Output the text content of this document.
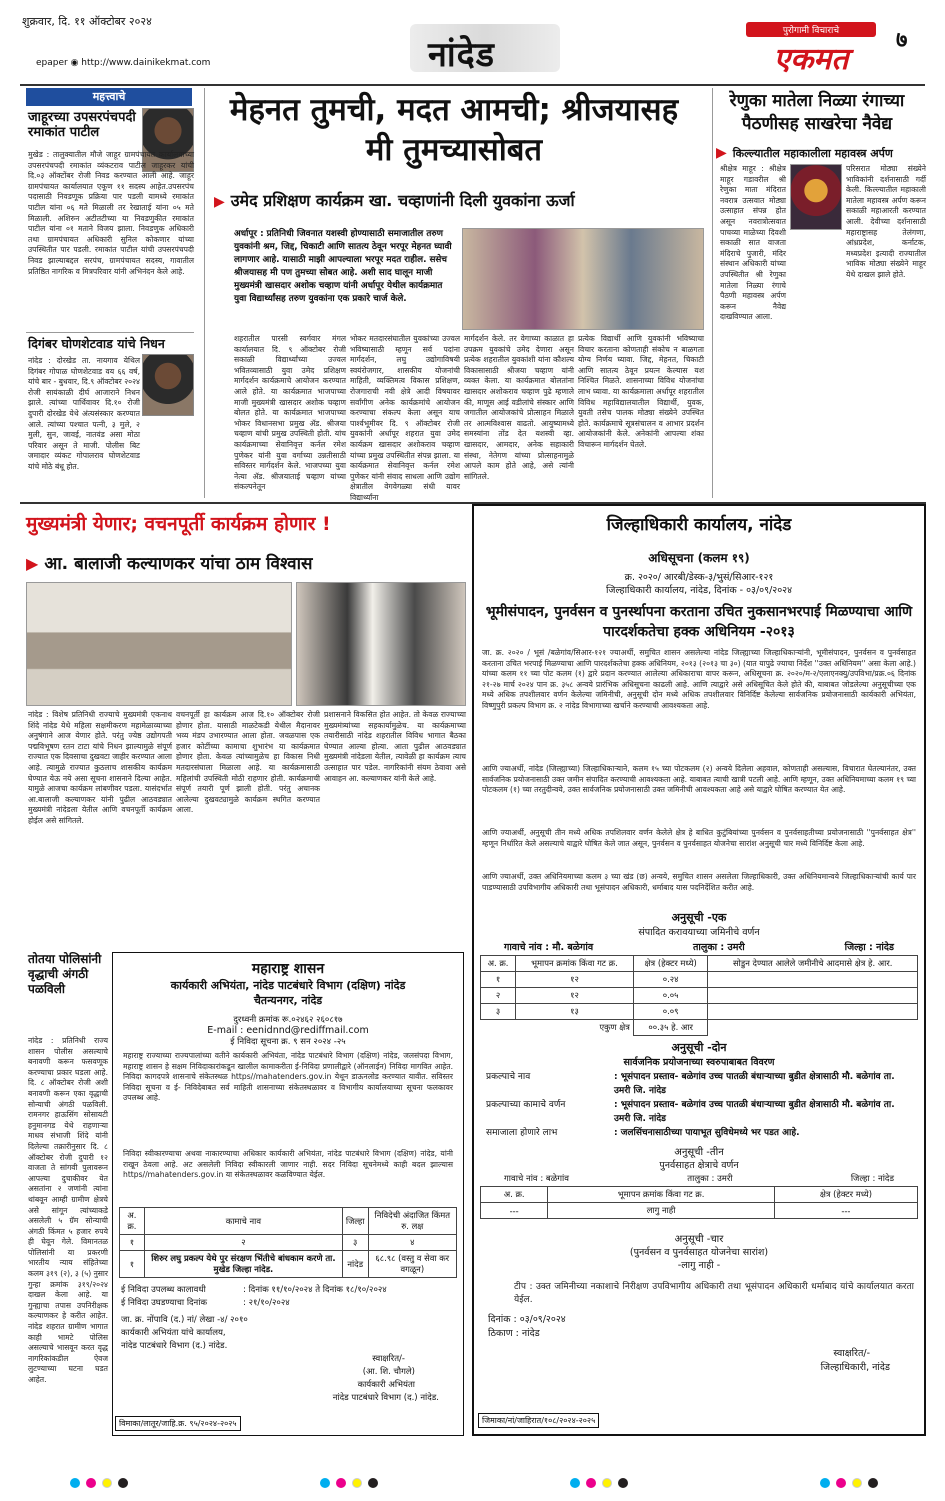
शुक्रवार, दि. ११ ऑक्टोबर २०२४
epaper ◉ http://www.dainikekmat.com	नांदेड
पुरोगामी विचाराचे
एकमत
७
महत्त्वाचे
जाहूरच्या उपसरपंचपदी रमाकांत पाटील
मुखेड : तालुक्यातील मौजे जाहूर ग्रामपंचायत कार्यालयाच्या उपसरपंचपदी रमाकांत व्यंकटराव पाटील जाहूरकर यांची दि.०३ ऑक्टोंबर रोजी निवड करण्यात आली आहे. जाहूर ग्रामपंचायत कार्यालयात एकूण ११ सदस्य आहेत.उपसरपंच पदासाठी निवडणूक प्रक्रिया पार पडली यामध्ये रमाकांत पाटील यांना ०६ मते मिळाली तर रेखाताई यांना ०५ मते मिळाली. अशिरुन अटीतटीच्या या निवडणुकीत रमाकांत पाटील यांना ०१ मताने विजय झाला. निवडणुक अधिकारी तथा ग्रामपंचायत अधिकारी सुनिल कोकणार यांच्या उपस्थितीत पार पडली. रमाकांत पाटील यांची उपसरपंचपदी निवड झाल्याबद्दल सरपंच, ग्रामपंचायत सदस्य, गावातील प्रतिष्ठित नागरिक व मित्रपरिवार यांनी अभिनंदन केले आहे.
दिगंबर घोणशेटवाड यांचे निधन
नांदेड : दोरखेड ता. नायगाव येथिल दिगंबर गोपाळ घोणशेटवाड वय ६६ वर्ष, यांचे बार - बुधवार, दि.९ ऑक्टोबर २०२४ रोजी सायंकाळी दीर्घ आजाराने निधन झाले. त्यांच्या पार्थिवावर दि.१० रोजी दुपारी दोरखेड येथे अंत्यसंस्कार करण्यात आले. त्यांच्या पश्चात पत्नी, ३ मुले, २ मुली, सुन, जावई, नातवंड असा मोठा परिवार असून ते माजी. पोलीस बिट जमादार व्यंकट गोपालराव घोणशेटवाड यांचे मोठे बंधू होत.
मेहनत तुमची, मदत आमची; श्रीजयासह मी तुमच्यासोबत
▶ उमेद प्रशिक्षण कार्यक्रम खा. चव्हाणांनी दिली युवकांना ऊर्जा
अर्धापूर : प्रतिनिधी जिवनात यशस्वी होण्यासाठी समाजातील तरुण युवकांनी श्रम, जिद्द, चिकाटी आणि सातत्य ठेवून भरपूर मेहनत घ्यावी लागणार आहे. यासाठी माझी आपल्याला भरपूर मदत राहील. ससेच श्रीजयासह मी पण तुमच्या सोबत आहे. अशी साद घालून माजी मुख्यमंत्री खासदार अशोक चव्हाण यांनी अर्धापूर येथील कार्यक्रमात युवा विद्यार्थ्यांसह तरुण युवकांना एक प्रकारे चार्ज केले.
शहरातील पारसी स्वर्गवार मंगल कार्यालयात दि. ९ ऑक्टोबर रोजी सकाळी विद्यार्थ्यांच्या उज्वल भवितव्यासाठी युवा उमेद प्रशिक्षण मार्गदर्शन कार्यक्रमाचे आयोजन करण्यात आले होते. या कार्यक्रमात भाजपाच्या माजी मुख्यमंत्री खासदार अशोक चव्हाण बोलत होते. या कार्यक्रमात भाजपाच्या भोकर विधानसभा प्रमुख ॲड. श्रीजया चव्हाण यांची प्रमुख उपस्थिती होती. यांच कार्यक्रमाच्या सेवानिवृत्त कर्नल रमेश पुणेकर यांनी युवा वर्गाच्या उन्नतीसाठी सविस्तर मार्गदर्शन केले. भाजपच्या युवा नेत्या ॲड. श्रीजयाताई चव्हाण यांच्या संकल्पनेतून
भोकर मतदारसंघातील युवकांच्या उज्वल भविष्यासाठी म्हणून सर्व पदांना मार्गदर्शन, लघु उद्योगाविषयी स्वयंरोजगार, शासकीय योजनांची माहिती, व्यक्तिमत्व विकास प्रशिक्षण, रोजगाराची नवी क्षेत्रे आदी विषयावर सर्वांगीण अनेक कार्यक्रमांचे आयोजन करण्याचा संकल्प केला असून याच पार्श्वभूमीवर दि. ९ ऑक्टोबर रोजी युवकांनी अर्धापूर शहरात युवा उमेद कार्यक्रम खासदार अशोकराव चव्हाण यांच्या प्रमुख उपस्थितीत संपन्न झाला. या कार्यक्रमात सेवानिवृत्त कर्नल रमेश पुणेकर यांनी संवाद साधला आणि उद्योग क्षेत्रातील वेगवेगळ्या संधी यावर विद्यार्थ्यांना
मार्गदर्शन केले. तर वेगाच्या काळात हा उपक्रम युवकांचे उमेद देणारा असून प्रत्येक शहरातील युवकांशी यांना कौशल्य विकासासाठी श्रीजया चव्हाण यांनी व्यक्त केला. या कार्यक्रमात बोलतांना खासदार अशोकराव चव्हाण पुढे म्हणाले की, माणूस आई वडीलांचे संस्कार आणि जगातील आयोजकांचे प्रोत्साहन मिळाले तर आत्मविश्वास वाढतो. आयुष्यामध्ये समस्यांना तोंड देत यशस्वी व्हा. खासदार, आमदार, अनेक सहाकारी संस्था, नेतेगण यांच्या प्रोत्साहनामुळे आपले काम होते आहे, असे त्यांनी सांगितले.
प्रत्येक विद्यार्थी आणि युवकांनी भविष्याचा विचार करताना कोणताही संकोच न बाळगता योग्य निर्णय घ्यावा. जिद्द, मेहनत, चिकाटी आणि सातत्य ठेवून प्रयत्न केल्यास यश निश्चित मिळते. शासनाच्या विविध योजनांचा लाभ घ्यावा. या कार्यक्रमाला अर्धापूर शहरातील विविध महाविद्यालयातील विद्यार्थी, युवक, युवती तसेच पालक मोठ्या संख्येने उपस्थित होते. कार्यक्रमाचे सूत्रसंचालन व आभार प्रदर्शन आयोजकांनी केले. अनेकांनी आपल्या शंका विचारून मार्गदर्शन घेतले.
रेणुका मातेला निळ्या रंगाच्या पैठणीसह साखरेचा नैवेद्य
▶ किल्ल्यातील महाकालीला महावस्त्र अर्पण
श्रीक्षेत्र माहूर : श्रीक्षेत्र माहूर गडावरील श्री रेणुका माता मंदिरात नवरात्र उत्सवात मोठ्या उत्साहात संपन्न होत असून नवरात्रोत्सवात पाचव्या माळेच्या दिवशी सकाळी सात वाजता मंदिराचे पुजारी, मंदिर संस्थान अधिकारी यांच्या उपस्थितीत श्री रेणुका मातेला निळ्या रंगाचे पैठणी महावस्त्र अर्पण करून नैवेद्य दाखविण्यात आला.
परिसरात मोठ्या संख्येने भाविकांनी दर्शनासाठी गर्दी केली. किल्ल्यातील महाकाली मातेला महावस्त्र अर्पण करून सकाळी महाआरती करण्यात आली. देवीच्या दर्शनासाठी महाराष्ट्रासह तेलंगणा, आंध्रप्रदेश, कर्नाटक, मध्यप्रदेश इत्यादी राज्यातील भाविक मोठ्या संख्येने माहूर येथे दाखल झाले होते.
मुख्यमंत्री येणार; वचनपूर्ती कार्यक्रम होणार !
▶ आ. बालाजी कल्याणकर यांचा ठाम विश्वास
नांदेड : विशेष प्रतिनिधी राज्याचे मुख्यमंत्री एकनाथ शिंदे नांदेड येथे महिला सक्षमीकरण महामेळाव्याच्या अनुषंगाने आज येणार होते. परंतु ज्येष्ठ उद्योगपती पद्मविभूषण रतन टाटा यांचे निधन झाल्यामुळे संपूर्ण राज्यात एक दिवसाचा दुखवटा जाहीर करण्यात आला आहे. त्यामुळे राज्यात कुठलाच शासकीय कार्यक्रम घेण्यात येऊ नये असा सूचना शासनाने दिल्या आहेत. यामुळे आजचा कार्यक्रम लांबणीवर पडला. यासंदर्भात आ.बालाजी कल्याणकर यांनी पुढील आठवड्यात मुख्यमंत्री नांदेडला येतील आणि वचनपूर्ती कार्यक्रम होईल असे सांगितले.
वचनपूर्ती हा कार्यक्रम आज दि.१० ऑक्टोबर रोजी होणार होता. यासाठी माळटेकडी येथील मैदानावर भव्य मंडप उभारण्यात आला होता. जवळपास एक हजार कोटींच्या कामाचा शुभारंभ या कार्यक्रमात होणार होता. केवळ त्यांच्यामुळेच हा विकास निधी मतदारसंघाला मिळाला आहे. या कार्यक्रमासाठी महिलांची उपस्थिती मोठी राहणार होती. कार्यक्रमाची संपूर्ण तयारी पूर्ण झाली होती. परंतु अचानक आलेल्या दुखवट्यामुळे कार्यक्रम स्थगित करण्यात आला.
प्रशासनाने विकसित होत आहेत. तो केवळ राज्याच्या मुख्यमंत्र्यांच्या सहकार्यामुळेच. या कार्यक्रमाच्या तयारीसाठी नांदेड शहरातील विविध भागात बैठका घेण्यात आल्या होत्या. आता पुढील आठवड्यात मुख्यमंत्री नांदेडला येतील, त्यावेळी हा कार्यक्रम त्याच उत्साहात पार पडेल. नागरिकांनी संयम ठेवावा असे आवाहन आ. कल्याणकर यांनी केले आहे.
तोतया पोलिसांनी वृद्धाची अंगठी पळविली
नांदेड : प्रतिनिधी राज्य शासन पोलीस असल्याचे बनावणी करून फसवणूक करण्याचा प्रकार घडला आहे. दि. ८ ऑक्टोबर रोजी अशी बनावणी करून एका वृद्धाची सोन्याची अंगठी पळविली. रामनगर हाऊसिंग सोसायटी हनुमानगड येथे राहणाऱ्या माधव संभाजी शिंदे यांनी दिलेल्या तक्रारीनुसार दि. ८ ऑक्टोबर रोजी दुपारी १२ वाजता ते सांगवी पुलावरून आपल्या दुचाकीवर येत असतांना २ जणांनी त्यांना थांबवून आम्ही ग्रामीण क्षेत्रचे असे सांगून त्यांच्याकडे असलेली ५ ग्रॅम सोन्याची अंगठी किंमत ५ हजार रुपये ही घेवून गेले. विमानतळ पोलिसांनी या प्रकरणी भारतीय न्याय संहितेच्या कलम ३१९ (२), ३ (५) नुसार गुन्हा क्रमांक ३१९/२०२४ दाखल केला आहे. या गुन्ह्याचा तपास उपनिरीक्षक कल्याणकर हे करीत आहेत. नांदेड शहरात ग्रामीण भागात काही भामटे पोलिस असल्याचे भासवून करत वृद्ध नागरिकांकडील ऐवज लुटण्याच्या घटना घडत आहेत.
महाराष्ट्र शासन
कार्यकारी अभियंता, नांदेड पाटबंधारे विभाग (दक्षिण) नांदेड
चैतन्यनगर, नांदेड
दुरध्वनी क्रमांक रू.०२४६२ २६०८१७
E-mail : eenidnnd@rediffmail.com
ई निविदा सूचना क्र. ९ सन २०२४ -२५
महाराष्ट्र राज्याच्या राज्यपालांच्या वतीने कार्यकारी अभियंता, नांदेड पाटबंधारे विभाग (दक्षिण) नांदेड, जलसंपदा विभाग, महाराष्ट्र शासन हे सक्षम निविदाकारांकडून खालील कामाकरीता ई-निविदा प्रणालीद्वारे (ऑनलाईन) निविदा मागवित आहेत. निविदा कागदपत्रे शासनाचे संकेतस्थळ https//mahatenders.gov.in येथून डाऊनलोड करण्यात यावीत. सविस्तर निविदा सूचना व ई- निविदेबाबत सर्व माहिती शासनाच्या संकेतस्थळावर व विभागीय कार्यालयाच्या सूचना फलकावर उपलब्ध आहे.
निविदा स्वीकारण्याचा अथवा नाकारण्याचा अधिकार कार्यकारी अभियंता, नांदेड पाटबंधारे विभाग (दक्षिण) नांदेड, यांनी राखून ठेवला आहे. अट असलेली निविदा स्वीकारली जाणार नाही. सदर निविदा सूचनेमध्ये काही बदल झाल्यास https//mahatenders.gov.in या संकेतस्थळावर कळविण्यात येईल.
अ. क्र.	कामाचे नाव	जिल्हा	निविदेची अंदाजित किंमत रु. लक्ष
१	२	३	४
१	शिरुर लघु प्रकल्प येथे पुर संरक्षण भिंतीचे बांधकाम करणे ता. मुखेड जिल्हा नांदेड.	नांदेड	६८.९८ (वस्तु व सेवा कर वगळून)
ई निविदा उपलब्ध कालावधी	: दिनांक ११/१०/२०२४ ते दिनांक १८/१०/२०२४
ई निविदा उघडण्याचा दिनांक	: २१/१०/२०२४
जा. क्र. नोंपावि (द.) नां/ लेखा -४/ २०१०
कार्यकारी अभियंता यांचे कार्यालय,
नांदेड पाटबंधारे विभाग (द.) नांदेड.
स्वाक्षरित/-
(आ. शि. चौगले)
कार्यकारी अभियंता
नांदेड पाटबंधारे विभाग (द.) नांदेड.
विमाका/लातूर/जाहि.क्र. ९५/२०२४-२०२५
जिल्हाधिकारी कार्यालय, नांदेड
अधिसूचना (कलम १९)
क्र. २०२०/ आरबी/डेस्क-३/भुसं/सिआर-१२१
जिल्हाधिकारी कार्यालय, नांदेड, दिनांक - ०३/०९/२०२४
भूमीसंपादन, पुनर्वसन व पुनर्स्थापना करताना उचित नुकसानभरपाई मिळण्याचा आणि पारदर्शकतेचा हक्क अधिनियम -२०१३
जा. क्र. २०२० / भूसं /बळेगांव/सिआर-१२१ ज्याअर्थी, समुचित शासन असलेल्या नांदेड जिल्ह्याच्या जिल्हाधिकाऱ्यांनी, भूमीसंपादन, पुनर्वसन व पुनर्वसाहत करताना उचित भरपाई मिळण्याचा आणि पारदर्शकतेचा हक्क अधिनियम, २०१३ (२०१३ चा ३०) (यात यापुढे ज्याचा निर्देश ''उक्त अधिनियम'' असा केला आहे.) यांच्या कलम ११ च्या पोट कलम (१) द्वारे प्रदान करण्यात आलेल्या अधिकाराचा वापर करून, अधिसूचना क्र. २०२०/म-२/एलाएनक्यु/उपविभा/प्रक्र.०६ दिनांक २१-२७ मार्च २०२४ पान क्र. ३५८ अन्वये प्रारंभिक अधिसूचना काढली आहे. आणि त्याद्वारे असे अधिसूचित केले होते की, याबाबत जोडलेल्या अनुसूचीच्या एक मध्ये अधिक तपशीलवार वर्णन केलेल्या जमिनीची, अनुसूची दोन मध्ये अधिक तपशीलवार विनिर्दिष्ट केलेल्या सार्वजनिक प्रयोजनासाठी कार्यकारी अभियंता, विष्णुपुरी प्रकल्प विभाग क्र. २ नांदेड विभागाच्या खर्चाने करण्याची आवश्यकता आहे.
आणि ज्याअर्थी, नांदेड (जिल्ह्याच्या) जिल्हाधिकाऱ्याने, कलम १५ च्या पोटकलम (२) अन्वये दिलेला अहवाल, कोणताही असल्यास, विचारात घेतल्यानंतर, उक्त सार्वजनिक प्रयोजनासाठी उक्त जमीन संपादित करण्याची आवश्यकता आहे. याबाबत त्याची खात्री पटली आहे. आणि म्हणून, उक्त अधिनियमाच्या कलम १९ च्या पोटकलम (१) च्या तरतुदीन्वये, उक्त सार्वजनिक प्रयोजनासाठी उक्त जमिनीची आवश्यकता आहे असे याद्वारे घोषित करण्यात येत आहे.
आणि ज्याअर्थी, अनुसूची तीन मध्ये अधिक तपशिलवार वर्णन केलेले क्षेत्र हे बाधित कुटुंबियांच्या पुनर्वसन व पुनर्वसाहतीच्या प्रयोजनासाठी ''पुनर्वसाहत क्षेत्र'' म्हणून निर्धारित केले असल्याचे याद्वारे घोषित केले जात असून, पुनर्वसन व पुनर्वसाहत योजनेचा सारांश अनुसूची चार मध्ये विनिर्दिष्ट केला आहे.
आणि ज्याअर्थी, उक्त अधिनियमाच्या कलम ३ च्या खंड (छ) अन्वये, समुचित शासन असलेला जिल्हाधिकारी, उक्त अधिनियमान्वये जिल्हाधिकाऱ्यांची कार्य पार पाडण्यासाठी उपविभागीय अधिकारी तथा भूसंपादन अधिकारी, धर्माबाद यास पदनिर्देशित करीत आहे.
अनुसूची -एक
संपादित करावयाच्या जमिनीचे वर्णन
गावाचे नांव : मौ. बळेगांव	तालुका : उमरी	जिल्हा : नांदेड
अ. क्र.	भूमापन क्रमांक किंवा गट क्र.	क्षेत्र (हेक्टर मध्ये)	सोडुन देण्यात आलेले जमीनीचे आदमासे क्षेत्र हे. आर.
१	१२	०.२४	
२	१२	०.०५	
३	१३	०.०९	
	एकुण क्षेत्र	००.३५ हे. आर	
अनुसूची -दोन
सार्वजनिक प्रयोजनाच्या स्वरुपाबाबत विवरण
प्रकल्पाचे नाव	: भूसंपादन प्रस्ताव- बळेगांव उच्च पातळी बंधाऱ्याच्या बुडीत क्षेत्रासाठी मौ. बळेगांव ता. उमरी जि. नांदेड
प्रकल्पाच्या कामाचे वर्णन	: भूसंपादन प्रस्ताव- बळेगांव उच्च पातळी बंधाऱ्याच्या बुडीत क्षेत्रासाठी मौ. बळेगांव ता. उमरी जि. नांदेड
समाजाला होणारे लाभ	: जलसिंचनासाठीच्या पायाभूत सुविधेमध्ये भर पडत आहे.
अनुसूची -तीन
पुनर्वसाहत क्षेत्राचे वर्णन
गावाचे नांव : बळेगांव	तालुका : उमरी	जिल्हा : नांदेड
अ. क्र.	भूमापन क्रमांक किंवा गट क्र.	क्षेत्र (हेक्टर मध्ये)
---	लागु नाही	---
अनुसूची -चार
(पुनर्वसन व पुनर्वसाहत योजनेचा सारांश)
-लागु नाही -
टीप : उक्त जमिनीच्या नकाशाचे निरीक्षण उपविभागीय अधिकारी तथा भूसंपादन अधिकारी धर्माबाद यांचे कार्यालयात करता येईल.
दिनांक : ०३/०९/२०२४
ठिकाण : नांदेड
स्वाक्षरित/-
जिल्हाधिकारी, नांदेड
जिमाका/नां/जाहिरात/१०८/२०२४-२०२५
